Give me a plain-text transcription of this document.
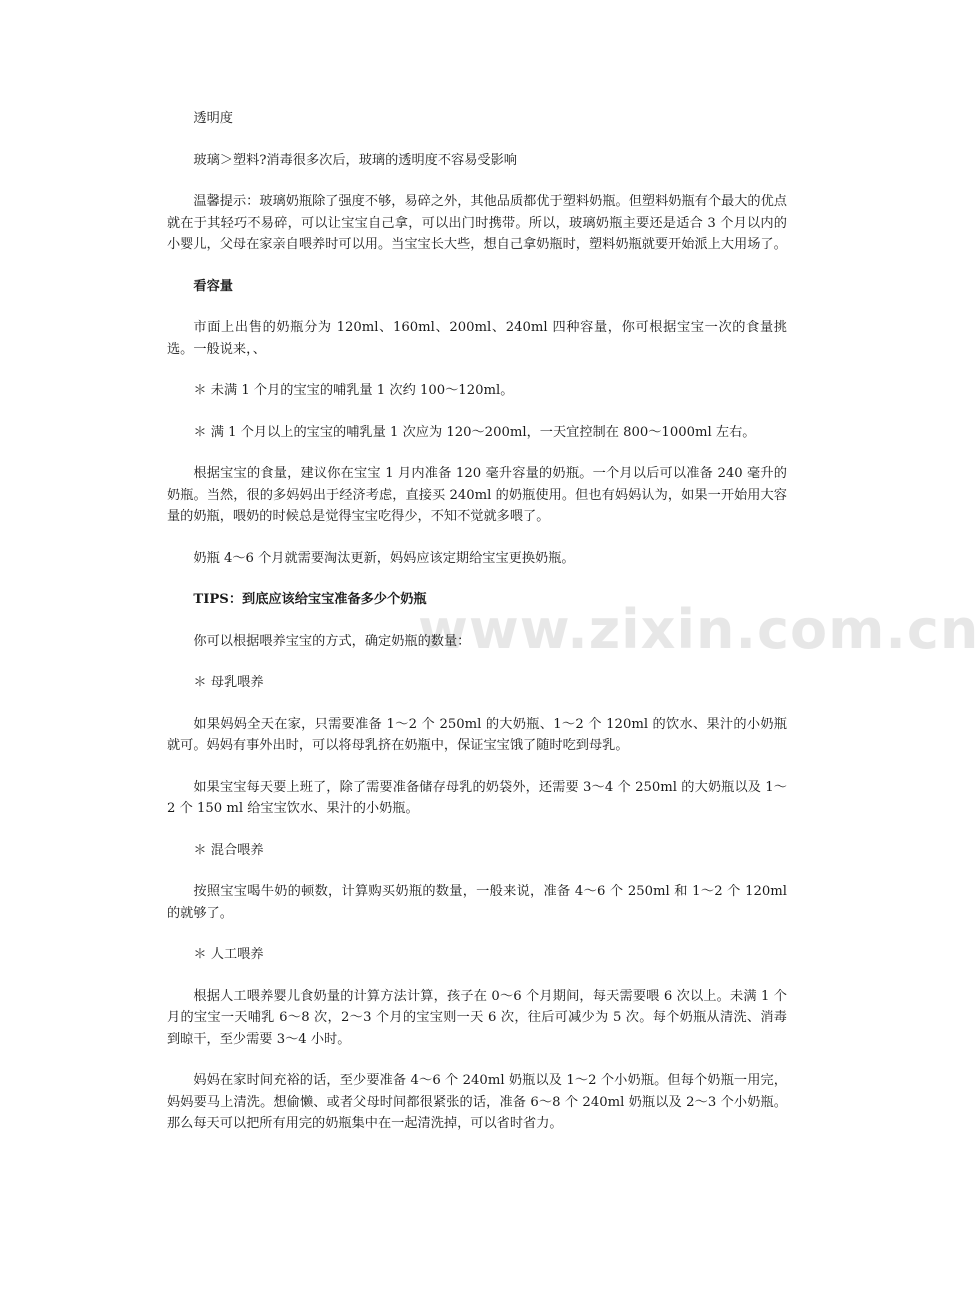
www.zixin.com.cn

透明度

玻璃＞塑料?消毒很多次后，玻璃的透明度不容易受影响

温馨提示：玻璃奶瓶除了强度不够，易碎之外，其他品质都优于塑料奶瓶。但塑料奶瓶有个最大的优点就在于其轻巧不易碎，可以让宝宝自己拿，可以出门时携带。所以，玻璃奶瓶主要还是适合 3 个月以内的小婴儿，父母在家亲自喂养时可以用。当宝宝长大些，想自己拿奶瓶时，塑料奶瓶就要开始派上大用场了。

看容量

市面上出售的奶瓶分为 120ml、160ml、200ml、240ml 四种容量，你可根据宝宝一次的食量挑选。一般说来，、

＊ 未满 1 个月的宝宝的哺乳量 1 次约 100～120ml。

＊ 满 1 个月以上的宝宝的哺乳量 1 次应为 120～200ml，一天宜控制在 800～1000ml 左右。

根据宝宝的食量，建议你在宝宝 1 月内准备 120 毫升容量的奶瓶。一个月以后可以准备 240 毫升的奶瓶。当然，很的多妈妈出于经济考虑，直接买 240ml 的奶瓶使用。但也有妈妈认为，如果一开始用大容量的奶瓶，喂奶的时候总是觉得宝宝吃得少，不知不觉就多喂了。

奶瓶 4～6 个月就需要淘汰更新，妈妈应该定期给宝宝更换奶瓶。

TIPS：到底应该给宝宝准备多少个奶瓶

你可以根据喂养宝宝的方式，确定奶瓶的数量：

＊ 母乳喂养

如果妈妈全天在家，只需要准备 1～2 个 250ml 的大奶瓶、1～2 个 120ml 的饮水、果汁的小奶瓶就可。妈妈有事外出时，可以将母乳挤在奶瓶中，保证宝宝饿了随时吃到母乳。

如果宝宝每天要上班了，除了需要准备储存母乳的奶袋外，还需要 3～4 个 250ml 的大奶瓶以及 1～2 个 150 ml 给宝宝饮水、果汁的小奶瓶。

＊ 混合喂养

按照宝宝喝牛奶的顿数，计算购买奶瓶的数量，一般来说，准备 4～6 个 250ml 和 1～2 个 120ml 的就够了。

＊ 人工喂养

根据人工喂养婴儿食奶量的计算方法计算，孩子在 0～6 个月期间，每天需要喂 6 次以上。未满 1 个月的宝宝一天哺乳 6～8 次，2～3 个月的宝宝则一天 6 次，往后可减少为 5 次。每个奶瓶从清洗、消毒到晾干，至少需要 3～4 小时。

妈妈在家时间充裕的话，至少要准备 4～6 个 240ml 奶瓶以及 1～2 个小奶瓶。但每个奶瓶一用完，妈妈要马上清洗。想偷懒、或者父母时间都很紧张的话，准备 6～8 个 240ml 奶瓶以及 2～3 个小奶瓶。那么每天可以把所有用完的奶瓶集中在一起清洗掉，可以省时省力。
